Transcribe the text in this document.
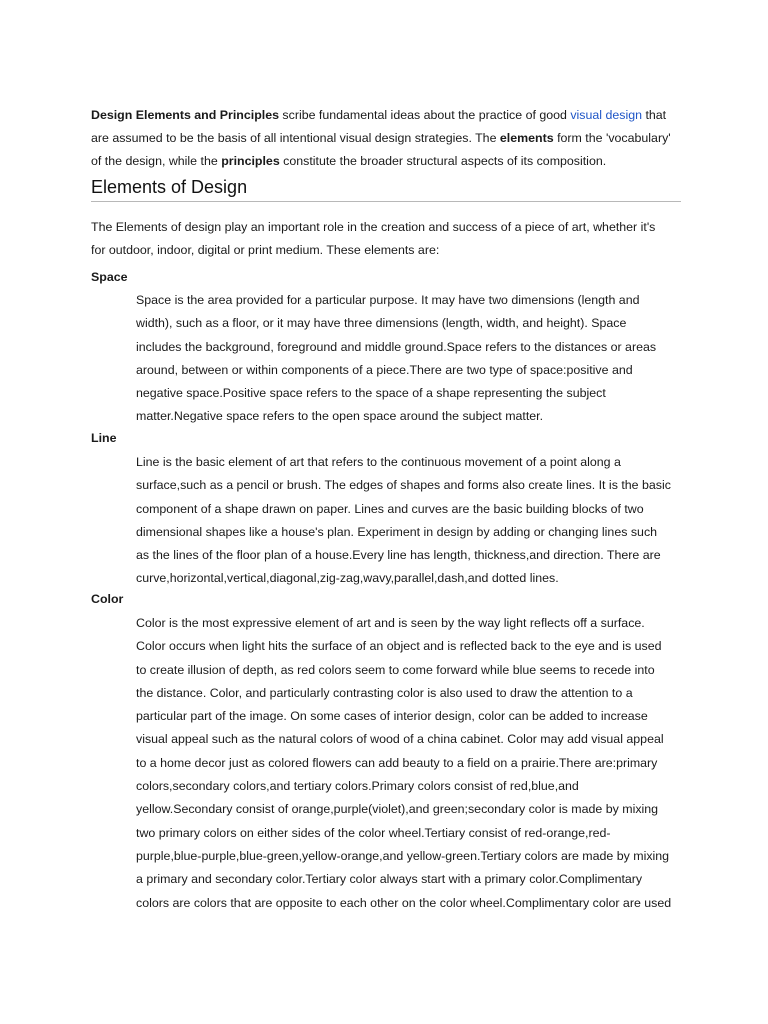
Design Elements and Principles scribe fundamental ideas about the practice of good visual design that
are assumed to be the basis of all intentional visual design strategies. The elements form the 'vocabulary'
of the design, while the principles constitute the broader structural aspects of its composition.

Elements of Design

The Elements of design play an important role in the creation and success of a piece of art, whether it's
for outdoor, indoor, digital or print medium. These elements are:

Space

Space is the area provided for a particular purpose. It may have two dimensions (length and
width), such as a floor, or it may have three dimensions (length, width, and height). Space
includes the background, foreground and middle ground.Space refers to the distances or areas
around, between or within components of a piece.There are two type of space:positive and
negative space.Positive space refers to the space of a shape representing the subject
matter.Negative space refers to the open space around the subject matter.

Line

Line is the basic element of art that refers to the continuous movement of a point along a
surface,such as a pencil or brush. The edges of shapes and forms also create lines. It is the basic
component of a shape drawn on paper. Lines and curves are the basic building blocks of two
dimensional shapes like a house's plan. Experiment in design by adding or changing lines such
as the lines of the floor plan of a house.Every line has length, thickness,and direction. There are
curve,horizontal,vertical,diagonal,zig-zag,wavy,parallel,dash,and dotted lines.

Color

Color is the most expressive element of art and is seen by the way light reflects off a surface.
Color occurs when light hits the surface of an object and is reflected back to the eye and is used
to create illusion of depth, as red colors seem to come forward while blue seems to recede into
the distance. Color, and particularly contrasting color is also used to draw the attention to a
particular part of the image. On some cases of interior design, color can be added to increase
visual appeal such as the natural colors of wood of a china cabinet. Color may add visual appeal
to a home decor just as colored flowers can add beauty to a field on a prairie.There are:primary
colors,secondary colors,and tertiary colors.Primary colors consist of red,blue,and
yellow.Secondary consist of orange,purple(violet),and green;secondary color is made by mixing
two primary colors on either sides of the color wheel.Tertiary consist of red-orange,red-
purple,blue-purple,blue-green,yellow-orange,and yellow-green.Tertiary colors are made by mixing
a primary and secondary color.Tertiary color always start with a primary color.Complimentary
colors are colors that are opposite to each other on the color wheel.Complimentary color are used
